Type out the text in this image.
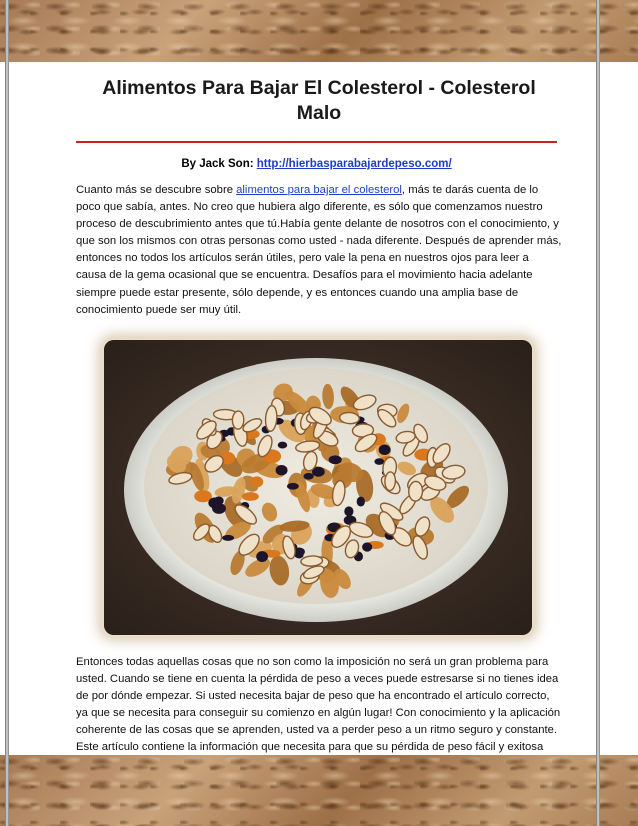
Alimentos Para Bajar El Colesterol - Colesterol Malo
By Jack Son: http://hierbasparabajardepeso.com/
Cuanto más se descubre sobre alimentos para bajar el colesterol, más te darás cuenta de lo poco que sabía, antes. No creo que hubiera algo diferente, es sólo que comenzamos nuestro proceso de descubrimiento antes que tú.Había gente delante de nosotros con el conocimiento, y que son los mismos con otras personas como usted - nada diferente. Después de aprender más, entonces no todos los artículos serán útiles, pero vale la pena en nuestros ojos para leer a causa de la gema ocasional que se encuentra. Desafíos para el movimiento hacia adelante siempre puede estar presente, sólo depende, y es entonces cuando una amplia base de conocimiento puede ser muy útil.
Entonces todas aquellas cosas que no son como la imposición no será un gran problema para usted. Cuando se tiene en cuenta la pérdida de peso a veces puede estresarse si no tienes idea de por dónde empezar. Si usted necesita bajar de peso que ha encontrado el artículo correcto, ya que se necesita para conseguir su comienzo en algún lugar! Con conocimiento y la aplicación coherente de las cosas que se aprenden, usted va a perder peso a un ritmo seguro y constante. Este artículo contiene la información que necesita para que su pérdida de peso fácil y exitosa
